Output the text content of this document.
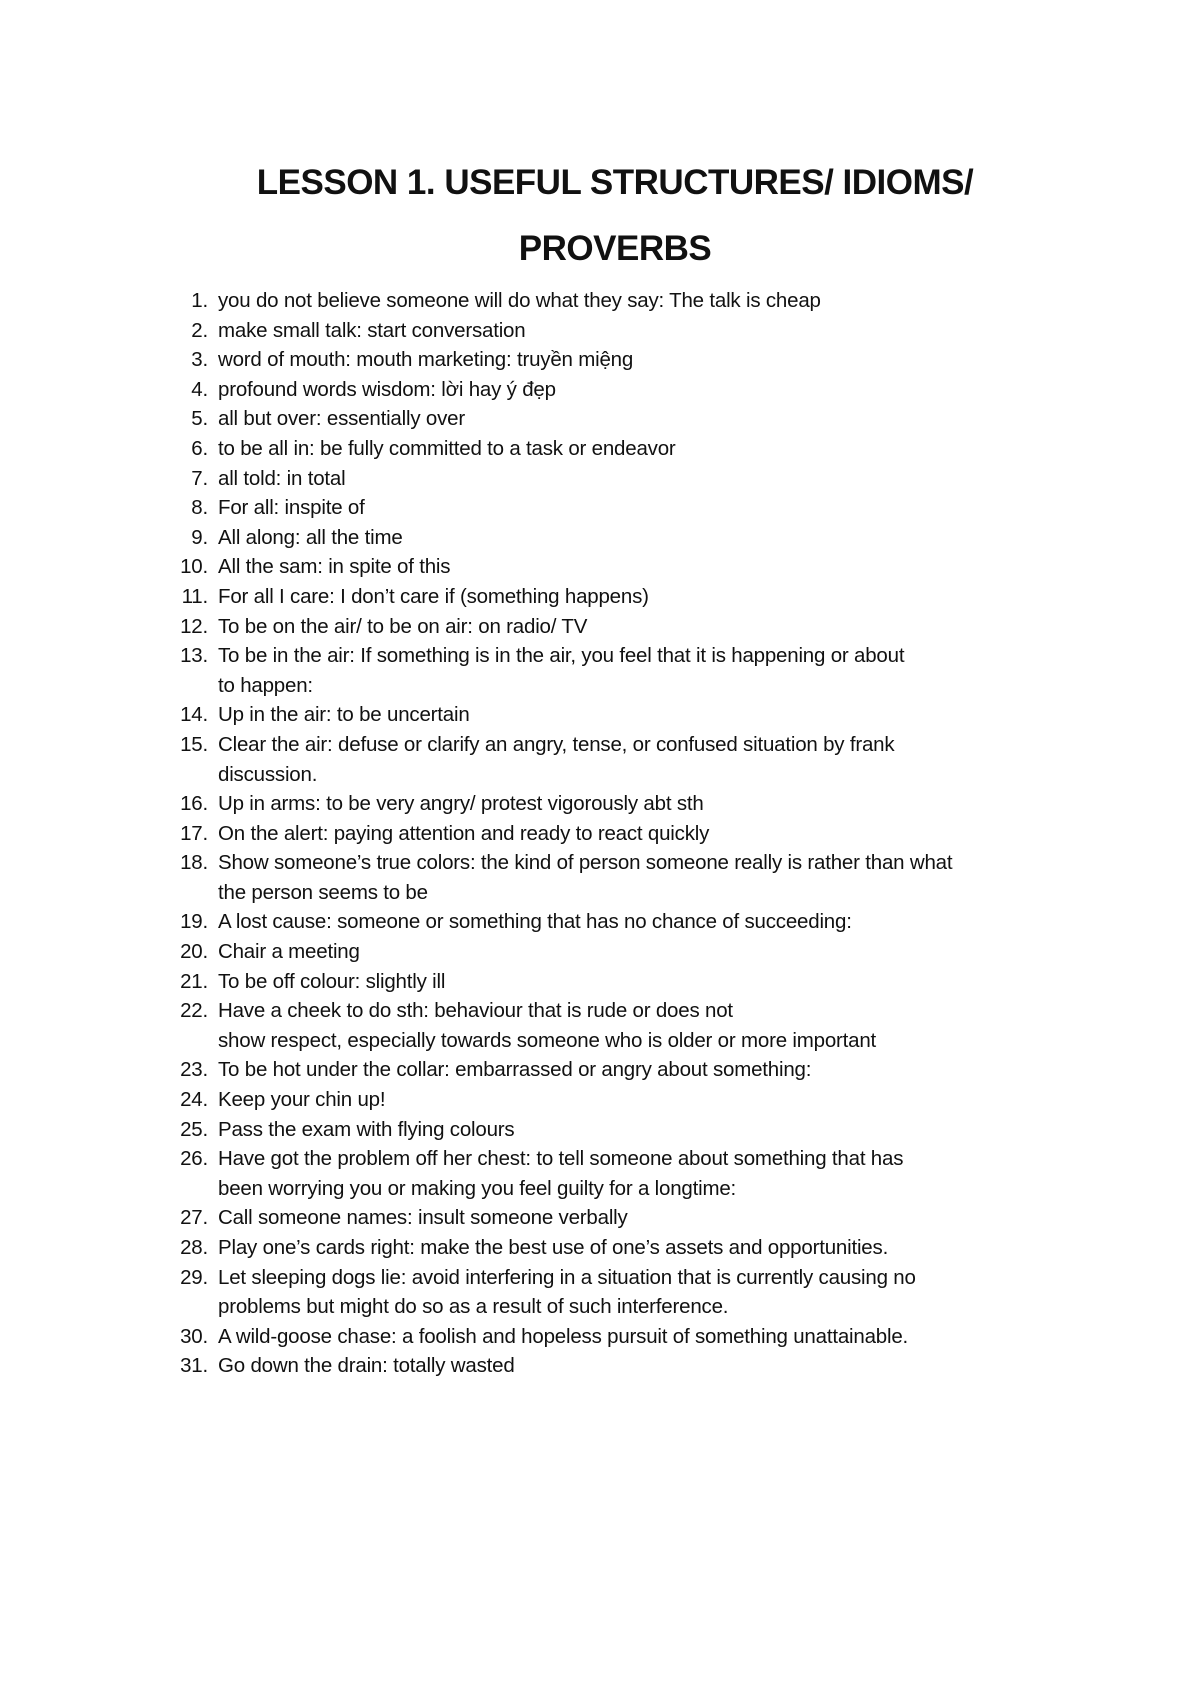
LESSON 1. USEFUL STRUCTURES/ IDIOMS/ PROVERBS
1. you do not believe someone will do what they say: The talk is cheap
2. make small talk: start conversation
3. word of mouth: mouth marketing: truyền miệng
4. profound words wisdom: lời hay ý đẹp
5. all but over: essentially over
6. to be all in: be fully committed to a task or endeavor
7. all told: in total
8. For all: inspite of
9. All along: all the time
10. All the sam: in spite of this
11. For all I care: I don’t care if (something happens)
12. To be on the air/ to be on air: on radio/ TV
13. To be in the air: If something is in the air, you feel that it is happening or about
to happen:
14. Up in the air: to be uncertain
15. Clear the air: defuse or clarify an angry, tense, or confused situation by frank
discussion.
16. Up in arms: to be very angry/ protest vigorously abt sth
17. On the alert: paying attention and ready to react quickly
18. Show someone’s true colors: the kind of person someone really is rather than what
the person seems to be
19. A lost cause: someone or something that has no chance of succeeding:
20. Chair a meeting
21. To be off colour: slightly ill
22. Have a cheek to do sth: behaviour that is rude or does not
show respect, especially towards someone who is older or more important
23. To be hot under the collar: embarrassed or angry about something:
24. Keep your chin up!
25. Pass the exam with flying colours
26. Have got the problem off her chest: to tell someone about something that has
been worrying you or making you feel guilty for a longtime:
27. Call someone names: insult someone verbally
28. Play one’s cards right: make the best use of one’s assets and opportunities.
29. Let sleeping dogs lie: avoid interfering in a situation that is currently causing no
problems but might do so as a result of such interference.
30. A wild-goose chase: a foolish and hopeless pursuit of something unattainable.
31. Go down the drain: totally wasted
